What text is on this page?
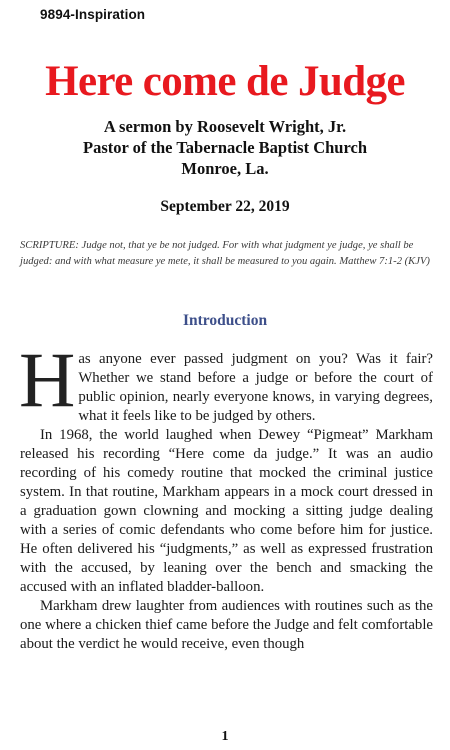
9894-Inspiration
Here come de Judge
A sermon by Roosevelt Wright, Jr.
Pastor of the Tabernacle Baptist Church
Monroe, La.
September 22, 2019
SCRIPTURE: Judge not, that ye be not judged. For with what judgment ye judge, ye shall be judged: and with what measure ye mete, it shall be measured to you again. Matthew 7:1-2 (KJV)
Introduction

Has anyone ever passed judgment on you? Was it fair? Whether we stand before a judge or before the court of public opinion, nearly everyone knows, in varying degrees, what it feels like to be judged by others.

In 1968, the world laughed when Dewey “Pigmeat” Markham released his recording “Here come da judge.” It was an audio recording of his comedy routine that mocked the criminal justice system. In that routine, Markham appears in a mock court dressed in a graduation gown clowning and mocking a sitting judge dealing with a series of comic defendants who come before him for justice. He often delivered his “judgments,” as well as expressed frustration with the accused, by leaning over the bench and smacking the accused with an inflated bladder-balloon.

Markham drew laughter from audiences with routines such as the one where a chicken thief came before the Judge and felt comfortable about the verdict he would receive, even though

1
